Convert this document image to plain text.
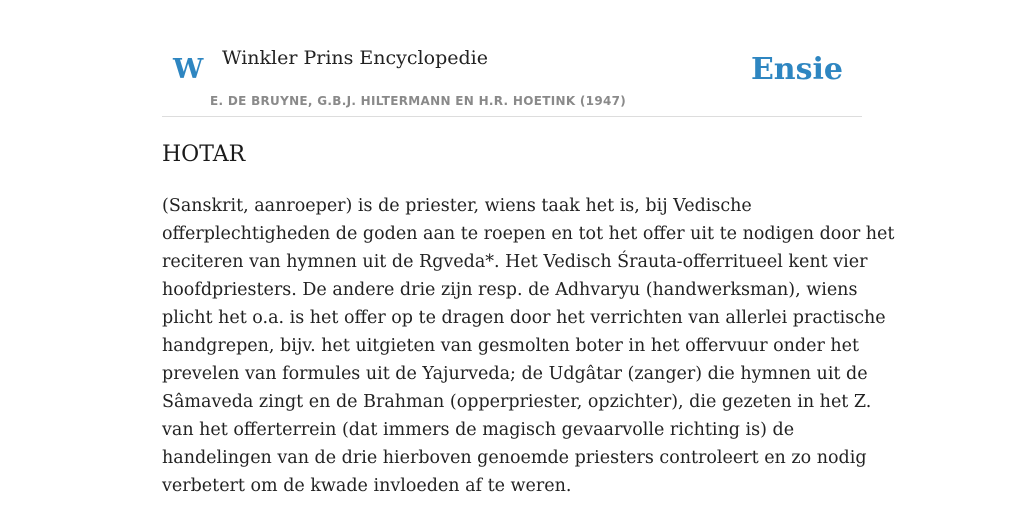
W Winkler Prins Encyclopedie
E. DE BRUYNE, G.B.J. HILTERMANN EN H.R. HOETINK (1947)
Ensie
HOTAR

(Sanskrit, aanroeper) is de priester, wiens taak het is, bij Vedische
offerplechtigheden de goden aan te roepen en tot het offer uit te nodigen door het
reciteren van hymnen uit de Rgveda*. Het Vedisch Śrauta-offerritueel kent vier
hoofdpriesters. De andere drie zijn resp. de Adhvaryu (handwerksman), wiens
plicht het o.a. is het offer op te dragen door het verrichten van allerlei practische
handgrepen, bijv. het uitgieten van gesmolten boter in het offervuur onder het
prevelen van formules uit de Yajurveda; de Udgâtar (zanger) die hymnen uit de
Sâmaveda zingt en de Brahman (opperpriester, opzichter), die gezeten in het Z.
van het offerterrein (dat immers de magisch gevaarvolle richting is) de
handelingen van de drie hierboven genoemde priesters controleert en zo nodig
verbetert om de kwade invloeden af te weren.
